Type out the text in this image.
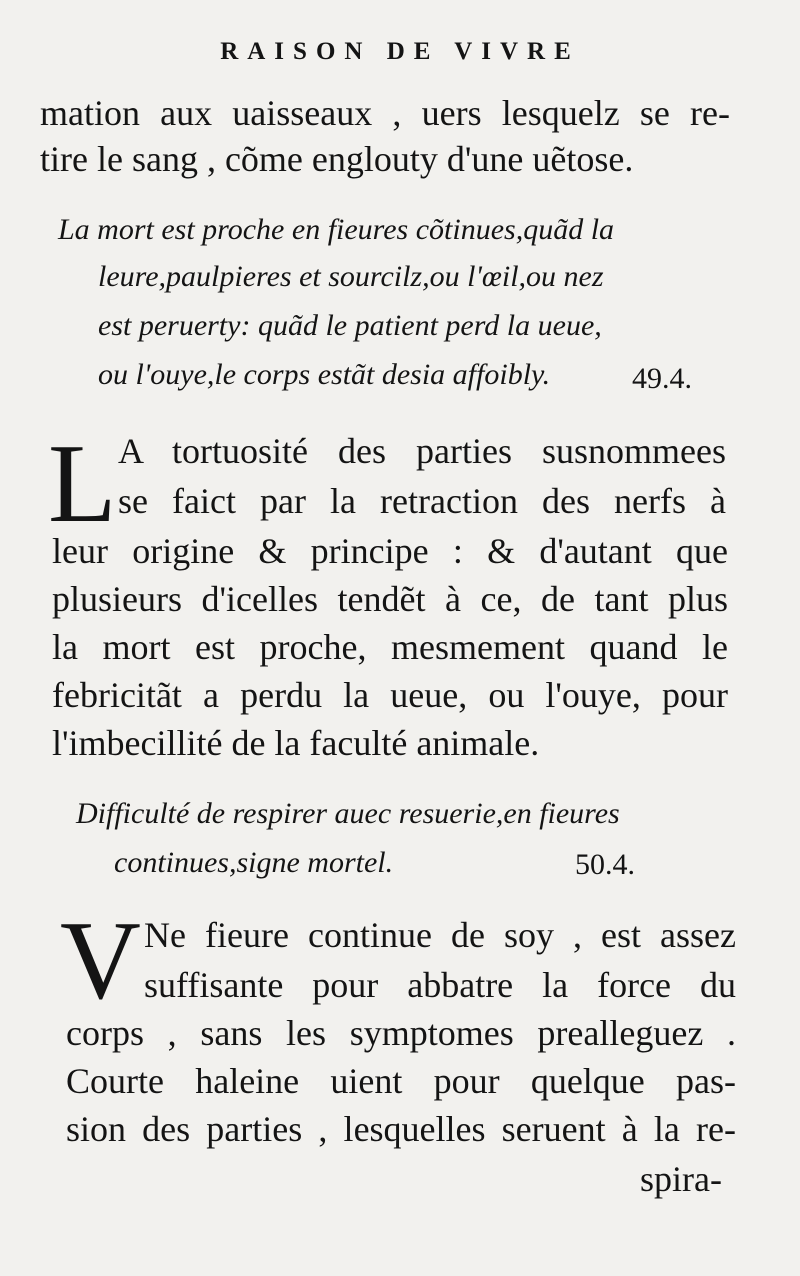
RAISON DE VIVRE
mation aux uaisseaux , uers lesquelz se re-
tire le sang , cõme englouty d'une uẽtose.
La mort est proche en fieures cõtinues,quãd la
leure,paulpieres et sourcilz,ou l'œil,ou nez
est peruerty: quãd le patient perd la ueue,
ou l'ouye,le corps estãt desia affoibly.	49.4.
L A tortuosité des parties susnommees
se faict par la retraction des nerfs à
leur origine & principe : & d'autant que
plusieurs d'icelles tendẽt à ce, de tant plus
la mort est proche, mesmement quand le
febricitãt a perdu la ueue, ou l'ouye, pour
l'imbecillité de la faculté animale.
Difficulté de respirer auec resuerie,en fieures
continues,signe mortel.	50.4.
V Ne fieure continue de soy , est assez
suffisante pour abbatre la force du
corps , sans les symptomes prealleguez .
Courte haleine uient pour quelque pas-
sion des parties , lesquelles seruent à la re-
spira-
